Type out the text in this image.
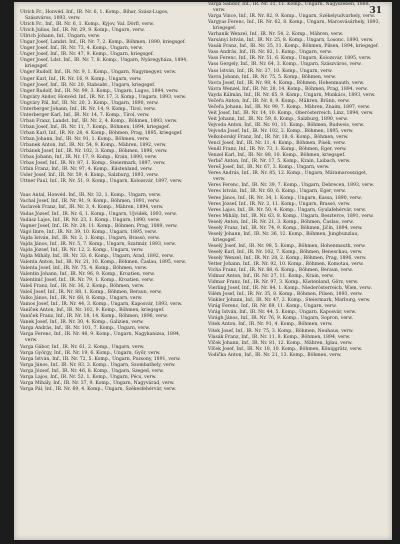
31

Ulrich Fr., Honvéd. Inf., IR. Nr. 6, 1. Komp., Bihar, Szász-Lugos, Szászváros, 1893, verw.

Ulrich Fr., Inf., IR. Nr. 6, 1. Komp., Kyjov, Val. Dörfl, verw.

Ulrich Julius, Inf., IR. Nr. 29, 9. Komp., Ungarn, verw.

Ullrich Johann, Inf., Ungarn, verw.

Ungar Josef, Landst. Inf., IR. Nr. 7, 2. Komp., Böhmen, 1890, kriegsgef.

Unger Josef, Inf., IR. Nr. 73, 4. Komp., Ungarn, verw.

Unger Josef, Inf., IR. Nr. 47, 9. Komp., Ungarn, kriegsgef.

Unger Josef, Ldst. Inf., IR. Nr. 7, 8. Komp., Ungarn, Nyáregyháza, 1894, kriegsgef.

Unger Rudolf, Inf., IR. Nr. 9, 1. Komp., Ungarn, Nagymegyer, verw.

Unger Karl, Inf., IR. Nr. 16, 9. Komp., Ungarn, verw.

Unger Josef, Inf., IR. Nr. 20, Stabsabt., Ungarn, kriegsgef.

Unger Rudolf, Inf., IR. Nr. 99, 3. Komp., Ungarn, Lugos, 1894, verw.

Ungváry Andor, Honvéd. Inf., IR. Nr. 17, 3. Komp., Ungarn, 1893, verw.

Ungváry Pál, Inf., IR. Nr. 20, 3. Komp., Ungarn, 1890, verw.

Unterberger Johann, Inf., IR. Nr. 14, 9. Komp., Tirol, verw.

Unterberger Karl, Inf., IR. Nr. 14, 7. Komp., Tirol, verw.

Urban Franz, Landst. Inf., IR. Nr. 2, 4. Komp., Böhmen, 1893, verw.

Urban Josef, Inf., IR. Nr. 11, 7. Komp., Böhmen, 1894, kriegsgef.

Urban Karl, Inf., IR. Nr. 28, 4. Komp., Böhmen, Prag, 1895, kriegsgef.

Urban Johann, Inf., IR. Nr. 91, 1. Komp., Böhmen, verw.

Urbanek Anton, Inf., IR. Nr. 54, 9. Komp., Mähren, 1892, verw.

Urbánek Josef, Inf., IR. Nr. 102, 3. Komp., Böhmen, 1896, verw.

Urbas Johann, Inf., IR. Nr. 17, 9. Komp., Krain, 1890, verw.

Urbas Josef, Inf., IR. Nr. 87, 1. Komp., Steiermark, 1897, verw.

Urbin Franz, Inf., IR. Nr. 97, 4. Komp., Küstenland, verw.

Usler Josef, Inf., IR. Nr. 59, 4. Komp., Salzburg, 1893, verw.

Uttner Paul, Inf., IR. Nr. 51, 9. Komp., Ungarn, Kolozsvár, 1897, verw.

Vaas Antal, Honvéd. Inf., IR. Nr. 32, 1. Komp., Ungarn, verw.

Vachal Josef, Inf., IR. Nr. 91, 9. Komp., Böhmen, 1891, verw.

Vaclavek Franz, Inf., IR. Nr. 3, 4. Komp., Mähren, 1894, verw.

Vadas József, Inf., IR. Nr. 6, 1. Komp., Ungarn, Ujvidék, 1893, verw.

Vadász Lajos, Inf., IR. Nr. 23, 1. Komp., Ungarn, 1890, verw.

Vagner Josef, Inf., IR. Nr. 28, 11. Komp., Böhmen, Prag, 1889, verw.

Vágó Imre, Inf., IR. Nr. 39, 10. Komp., Ungarn, 1895, verw.

Vajda István, Inf., IR. Nr. 2, 1. Komp., Ungarn, Brassó, verw.

Vajda János, Inf., IR. Nr. 5, 7. Komp., Ungarn, Szatmár, 1893, verw.

Vajda József, Inf., IR. Nr. 12, 2. Komp., Ungarn, verw.

Vajda Mihály, Inf., IR. Nr. 33, 6. Komp., Ungarn, Arad, 1892, verw.

Valenta Anton, Inf., IR. Nr. 21, 10. Komp., Böhmen, Časlau, 1895, verw.

Valenta Josef, Inf., IR. Nr. 75, 4. Komp., Böhmen, verw.

Valentin Johann, Inf., IR. Nr. 96, 9. Komp., Kroatien, verw.

Valentinić Josef, Inf., IR. Nr. 79, 1. Komp., Kroatien, verw.

Valeš Franz, Inf., IR. Nr. 36, 2. Komp., Böhmen, verw.

Valeš Josef, Inf., IR. Nr. 88, 1. Komp., Böhmen, Beraun, verw.

Valko János, Inf., IR. Nr. 68, 8. Komp., Ungarn, verw.

Vamos Josef, Inf., IR. Nr. 44, 3. Komp., Ungarn, Kaposvár, 1893, verw.

Vaníček Anton, Inf., IR. Nr. 102, 9. Komp., Böhmen, kriegsgef.

Vaniček Franz, Inf., IR. Nr. 18, 14. Komp., Böhmen, 1896, verw.

Vanek Josef, Inf., IR. Nr. 30, 4. Komp., Galizien, verw.

Varga András, Inf., IR. Nr. 101, 7. Komp., Ungarn, verw.

Varga Ferenc, Inf., IR. Nr. 48, 9. Komp., Ungarn, Nagykanizsa, 1894, verw.

Varga Gábor, Inf., IR. Nr. 61, 2. Komp., Ungarn, verw.

Varga György, Inf., IR. Nr. 19, 6. Komp., Ungarn, Győr, verw.

Varga István, Inf., IR. Nr. 72, 5. Komp., Ungarn, Pozsony, 1891, verw.

Varga János, Inf., IR. Nr. 83, 3. Komp., Ungarn, Szombathely, verw.

Varga József, Inf., IR. Nr. 46, 8. Komp., Ungarn, Szeged, verw.

Varga Lajos, Inf., IR. Nr. 52, 1. Komp., Ungarn, Pécs, verw.

Varga Mihály, Inf., IR. Nr. 37, 9. Komp., Ungarn, Nagyvárad, verw.

Varga Pál, Inf., IR. Nr. 69, 4. Komp., Ungarn, Székesfehérvár, verw.

Varga Sándor, Inf., IR. Nr. 31, 11. Komp., Ungarn, Nagyszeben, 1888, verw.

Varga Vince, Inf., IR. Nr. 82, 9. Komp., Ungarn, Székelyudvarhely, verw.

Vargyas Ferenc, Inf., IR. Nr. 62, 8. Komp., Ungarn, Marosvásárhely, 1893, kriegsgef.

Varhanik Wenzel, Inf., IR. Nr. 54, 2. Komp., Mähren, verw.

Varsányi István, Inf., IR. Nr. 25, 8. Komp., Ungarn, Losonc, 1890, verw.

Vasák Franz, Inf., IR. Nr. 35, 11. Komp., Böhmen, Pilsen, 1894, kriegsgef.

Vass András, Inf., IR. Nr. 82, 1. Komp., Ungarn, verw.

Vass Ferenc, Inf., IR. Nr. 51, 6. Komp., Ungarn, Kolozsvár, 1895, verw.

Vass Gergely, Inf., IR. Nr. 64, 3. Komp., Ungarn, Szászváros, verw.

Vass István, Inf., IR. Nr. 37, 10. Komp., Ungarn, verw.

Vavra Johann, Inf., IR. Nr. 75, 5. Komp., Böhmen, verw.

Vavra Josef, Inf., IR. Nr. 98, 4. Komp., Böhmen, Hohenmauth, verw.

Vávra Wenzel, Inf., IR. Nr. 28, 14. Komp., Böhmen, Prag, 1894, verw.

Vayda Kálmán, Inf., IR. Nr. 65, 9. Komp., Ungarn, Munkács, 1893, verw.

Večeřa Anton, Inf., IR. Nr. 8, 9. Komp., Mähren, Brünn, verw.

Večeřa Johann, Inf., IR. Nr. 99, 7. Komp., Mähren, Znaim, 1897, verw.

Veit Josef, Inf., IR. Nr. 14, 10. Komp., Oberösterreich, Linz, 1894, verw.

Veit Johann, Inf., IR. Nr. 59, 8. Komp., Salzburg, 1890, verw.

Vejvoda Anton, Inf., IR. Nr. 91, 11. Komp., Böhmen, Budweis, verw.

Vejvoda Josef, Inf., IR. Nr. 102, 2. Komp., Böhmen, 1895, verw.

Velkoborský Franz, Inf., IR. Nr. 18, 6. Komp., Böhmen, verw.

Vencl Josef, Inf., IR. Nr. 11, 4. Komp., Böhmen, Písek, verw.

Vendl Franz, Inf., IR. Nr. 73, 1. Komp., Böhmen, Eger, verw.

Venzel Karl, Inf., IR. Nr. 88, 10. Komp., Böhmen, kriegsgef.

Verbič Anton, Inf., IR. Nr. 17, 5. Komp., Krain, Laibach, verw.

Vereš Josef, Inf., IR. Nr. 67, 3. Komp., Ungarn, verw.

Veres András, Inf., IR. Nr. 85, 12. Komp., Ungarn, Máramarossziget, verw.

Veres Ferenc, Inf., IR. Nr. 39, 7. Komp., Ungarn, Debrecen, 1893, verw.

Veres István, Inf., IR. Nr. 60, 6. Komp., Ungarn, Eger, verw.

Veres János, Inf., IR. Nr. 34, 1. Komp., Ungarn, Kassa, 1890, verw.

Veres József, Inf., IR. Nr. 2, 11. Komp., Ungarn, Brassó, verw.

Veres Lajos, Inf., IR. Nr. 50, 4. Komp., Ungarn, Gyulafehérvár, verw.

Veres Mihály, Inf., IR. Nr. 63, 8. Komp., Ungarn, Beszterce, 1891, verw.

Veselý Anton, Inf., IR. Nr. 21, 3. Komp., Böhmen, Časlau, verw.

Veselý Franz, Inf., IR. Nr. 74, 9. Komp., Böhmen, Jičín, 1894, verw.

Veselý Johann, Inf., IR. Nr. 36, 12. Komp., Böhmen, Jungbunzlau, kriegsgef.

Veselý Josef, Inf., IR. Nr. 98, 5. Komp., Böhmen, Hohenmauth, verw.

Veselý Karl, Inf., IR. Nr. 102, 7. Komp., Böhmen, Beneschau, verw.

Veselý Wenzel, Inf., IR. Nr. 28, 2. Komp., Böhmen, Prag, 1896, verw.

Vetter Johann, Inf., IR. Nr. 92, 10. Komp., Böhmen, Komotau, verw.

Vicha Franz, Inf., IR. Nr. 88, 6. Komp., Böhmen, Beraun, verw.

Vidmar Anton, Inf., IR. Nr. 27, 11. Komp., Krain, verw.

Vidmar Franz, Inf., IR. Nr. 97, 3. Komp., Küstenland, Görz, verw.

Vierling Josef, Inf., IR. Nr. 84, 1. Komp., Niederösterreich, Wien, verw.

Vilém Josef, Inf., IR. Nr. 35, 8. Komp., Böhmen, Pilsen, 1893, verw.

Vinkler Johann, Inf., IR. Nr. 47, 2. Komp., Steiermark, Marburg, verw.

Virág Ferenc, Inf., IR. Nr. 69, 11. Komp., Ungarn, verw.

Virág István, Inf., IR. Nr. 44, 5. Komp., Ungarn, Kaposvár, verw.

Virágh János, Inf., IR. Nr. 76, 9. Komp., Ungarn, Sopron, verw.

Vitek Anton, Inf., IR. Nr. 91, 4. Komp., Böhmen, verw.

Vitek Josef, Inf., IR. Nr. 75, 3. Komp., Böhmen, Neuhaus, verw.

Vlasák Franz, Inf., IR. Nr. 11, 8. Komp., Böhmen, 1894, verw.

Vlček Johann, Inf., IR. Nr. 81, 12. Komp., Mähren, Iglau, verw.

Vlček Josef, Inf., IR. Nr. 18, 10. Komp., Böhmen, Königgrätz, verw.

Vodička Anton, Inf., IR. Nr. 21, 13. Komp., Böhmen, verw.
